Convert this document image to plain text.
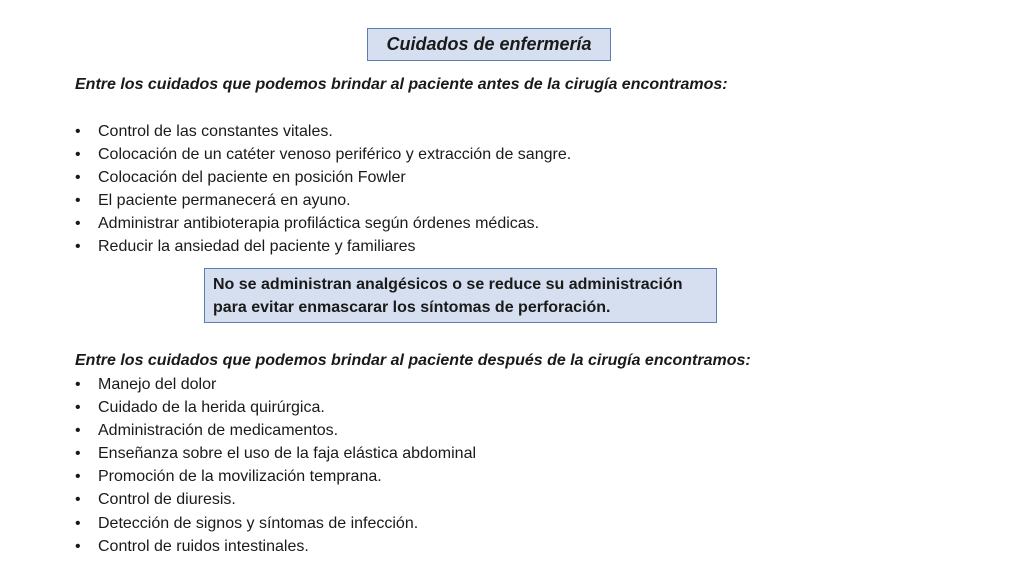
Cuidados de enfermería
Entre los cuidados que podemos brindar al paciente antes de la cirugía encontramos:
• Control de las constantes vitales.
• Colocación de un catéter venoso periférico y extracción de sangre.
• Colocación del paciente en posición Fowler
• El paciente permanecerá en ayuno.
• Administrar antibioterapia profiláctica según órdenes médicas.
• Reducir la ansiedad del paciente y familiares
No se administran analgésicos o se reduce su administración
para evitar enmascarar los síntomas de perforación.
Entre los cuidados que podemos brindar al paciente después de la cirugía encontramos:
• Manejo del dolor
• Cuidado de la herida quirúrgica.
• Administración de medicamentos.
• Enseñanza sobre el uso de la faja elástica abdominal
• Promoción de la movilización temprana.
• Control de diuresis.
• Detección de signos y síntomas de infección.
• Control de ruidos intestinales.
